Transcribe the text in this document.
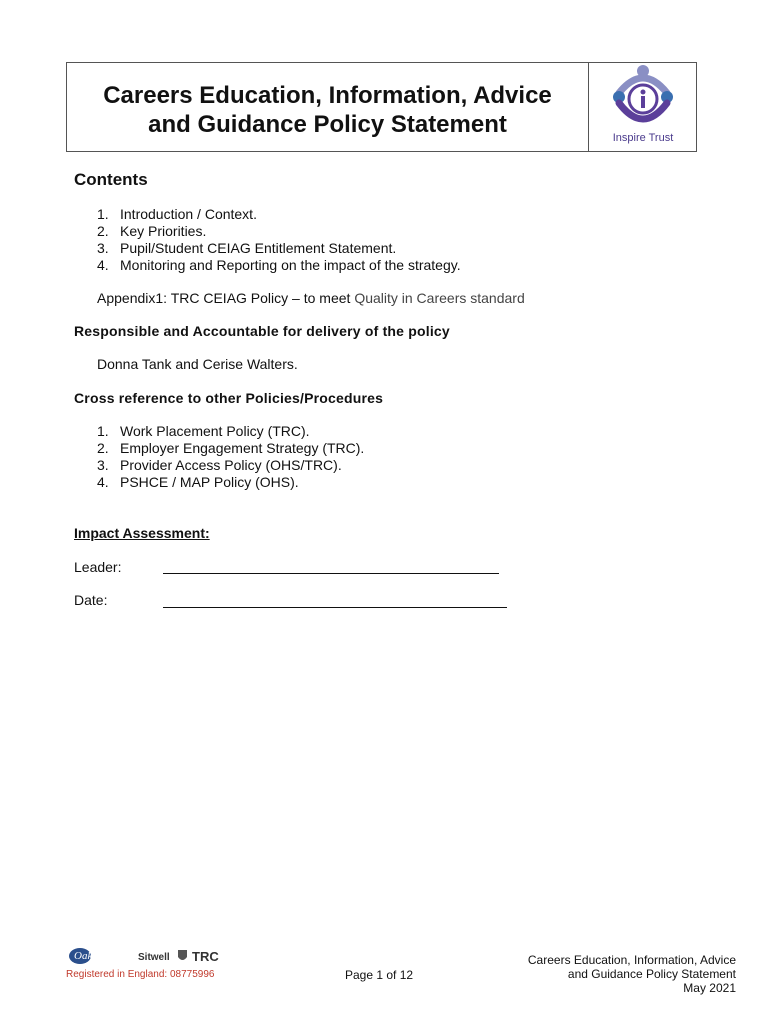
Careers Education, Information, Advice
and Guidance Policy Statement	Inspire Trust
Contents
1. Introduction / Context.
2. Key Priorities.
3. Pupil/Student CEIAG Entitlement Statement.
4. Monitoring and Reporting on the impact of the strategy.
Appendix1: TRC CEIAG Policy – to meet Quality in Careers standard
Responsible and Accountable for delivery of the policy
Donna Tank and Cerise Walters.
Cross reference to other Policies/Procedures
1. Work Placement Policy (TRC).
2. Employer Engagement Strategy (TRC).
3. Provider Access Policy (OHS/TRC).
4. PSHCE / MAP Policy (OHS).
Impact Assessment:
Leader:
Date:
Oakwood Sitwell TRC
Registered in England: 08775996	Page 1 of 12
Careers Education, Information, Advice
and Guidance Policy Statement
May 2021
